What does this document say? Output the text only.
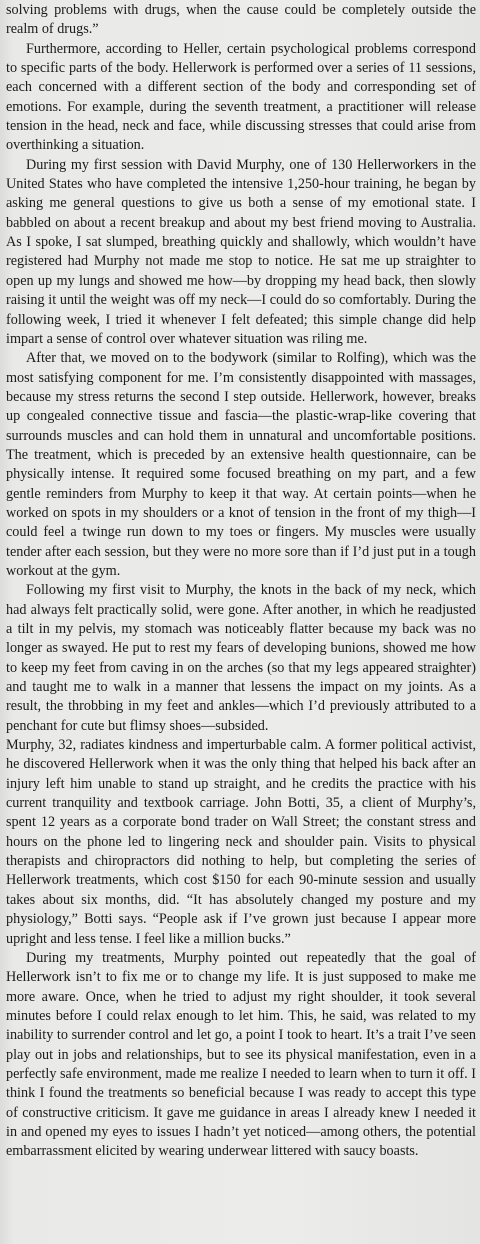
solving problems with drugs, when the cause could be completely outside the realm of drugs.”

Furthermore, according to Heller, certain psychological problems correspond to specific parts of the body. Hellerwork is performed over a series of 11 sessions, each concerned with a different section of the body and corresponding set of emotions. For example, during the seventh treatment, a practitioner will release tension in the head, neck and face, while discussing stresses that could arise from overthinking a situation.

During my first session with David Murphy, one of 130 Hellerworkers in the United States who have completed the intensive 1,250-hour training, he began by asking me general questions to give us both a sense of my emotional state. I babbled on about a recent breakup and about my best friend moving to Australia. As I spoke, I sat slumped, breathing quickly and shallowly, which wouldn’t have registered had Murphy not made me stop to notice. He sat me up straighter to open up my lungs and showed me how—by dropping my head back, then slowly raising it until the weight was off my neck—I could do so comfortably. During the following week, I tried it whenever I felt defeated; this simple change did help impart a sense of control over whatever situation was riling me.

After that, we moved on to the bodywork (similar to Rolfing), which was the most satisfying component for me. I’m consistently disappointed with massages, because my stress returns the second I step outside. Hellerwork, however, breaks up congealed connective tissue and fascia—the plastic-wrap-like covering that surrounds muscles and can hold them in unnatural and uncomfortable positions. The treatment, which is preceded by an extensive health questionnaire, can be physically intense. It required some focused breathing on my part, and a few gentle reminders from Murphy to keep it that way. At certain points—when he worked on spots in my shoulders or a knot of tension in the front of my thigh—I could feel a twinge run down to my toes or fingers. My muscles were usually tender after each session, but they were no more sore than if I’d just put in a tough workout at the gym.

Following my first visit to Murphy, the knots in the back of my neck, which had always felt practically solid, were gone. After another, in which he readjusted a tilt in my pelvis, my stomach was noticeably flatter because my back was no longer as swayed. He put to rest my fears of developing bunions, showed me how to keep my feet from caving in on the arches (so that my legs appeared straighter) and taught me to walk in a manner that lessens the impact on my joints. As a result, the throbbing in my feet and ankles—which I’d previously attributed to a penchant for cute but flimsy shoes—subsided.

Murphy, 32, radiates kindness and imperturbable calm. A former political activist, he discovered Hellerwork when it was the only thing that helped his back after an injury left him unable to stand up straight, and he credits the practice with his current tranquility and textbook carriage. John Botti, 35, a client of Murphy’s, spent 12 years as a corporate bond trader on Wall Street; the constant stress and hours on the phone led to lingering neck and shoulder pain. Visits to physical therapists and chiropractors did nothing to help, but completing the series of Hellerwork treatments, which cost $150 for each 90-minute session and usually takes about six months, did. “It has absolutely changed my posture and my physiology,” Botti says. “People ask if I’ve grown just because I appear more upright and less tense. I feel like a million bucks.”

During my treatments, Murphy pointed out repeatedly that the goal of Hellerwork isn’t to fix me or to change my life. It is just supposed to make me more aware. Once, when he tried to adjust my right shoulder, it took several minutes before I could relax enough to let him. This, he said, was related to my inability to surrender control and let go, a point I took to heart. It’s a trait I’ve seen play out in jobs and relationships, but to see its physical manifestation, even in a perfectly safe environment, made me realize I needed to learn when to turn it off. I think I found the treatments so beneficial because I was ready to accept this type of constructive criticism. It gave me guidance in areas I already knew I needed it in and opened my eyes to issues I hadn’t yet noticed—among others, the potential embarrassment elicited by wearing underwear littered with saucy boasts.
